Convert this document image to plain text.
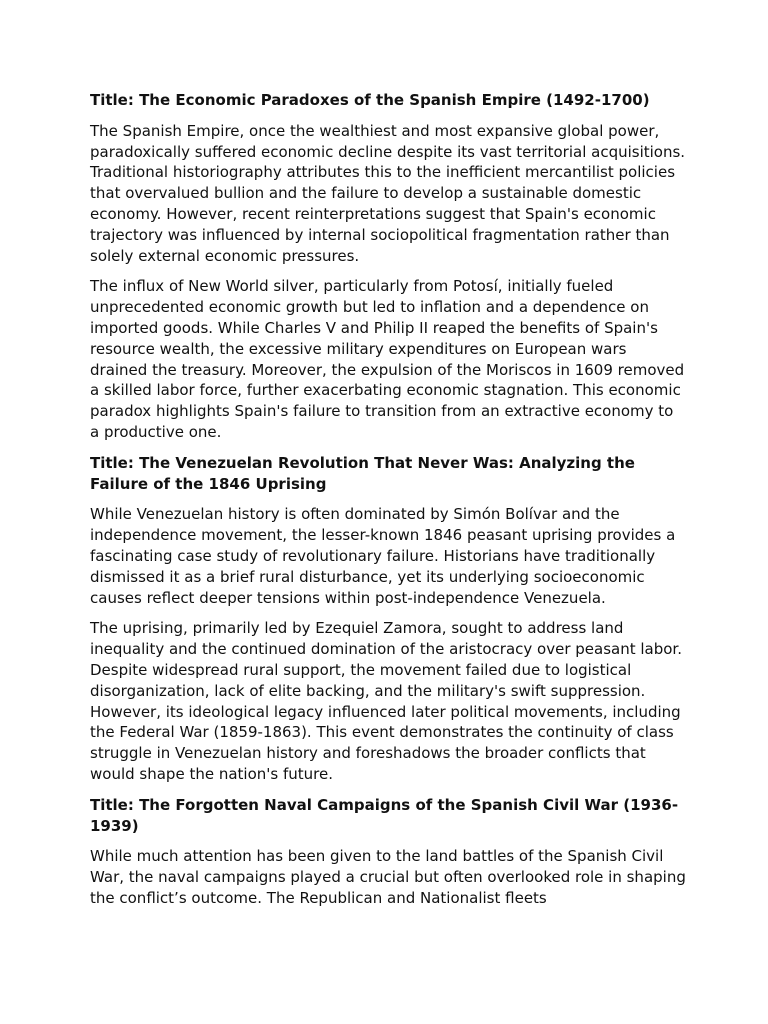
Title: The Economic Paradoxes of the Spanish Empire (1492-1700)

The Spanish Empire, once the wealthiest and most expansive global power, paradoxically suffered economic decline despite its vast territorial acquisitions. Traditional historiography attributes this to the inefficient mercantilist policies that overvalued bullion and the failure to develop a sustainable domestic economy. However, recent reinterpretations suggest that Spain's economic trajectory was influenced by internal sociopolitical fragmentation rather than solely external economic pressures.

The influx of New World silver, particularly from Potosí, initially fueled unprecedented economic growth but led to inflation and a dependence on imported goods. While Charles V and Philip II reaped the benefits of Spain's resource wealth, the excessive military expenditures on European wars drained the treasury. Moreover, the expulsion of the Moriscos in 1609 removed a skilled labor force, further exacerbating economic stagnation. This economic paradox highlights Spain's failure to transition from an extractive economy to a productive one.

Title: The Venezuelan Revolution That Never Was: Analyzing the Failure of the 1846 Uprising

While Venezuelan history is often dominated by Simón Bolívar and the independence movement, the lesser-known 1846 peasant uprising provides a fascinating case study of revolutionary failure. Historians have traditionally dismissed it as a brief rural disturbance, yet its underlying socioeconomic causes reflect deeper tensions within post-independence Venezuela.

The uprising, primarily led by Ezequiel Zamora, sought to address land inequality and the continued domination of the aristocracy over peasant labor. Despite widespread rural support, the movement failed due to logistical disorganization, lack of elite backing, and the military's swift suppression. However, its ideological legacy influenced later political movements, including the Federal War (1859-1863). This event demonstrates the continuity of class struggle in Venezuelan history and foreshadows the broader conflicts that would shape the nation's future.

Title: The Forgotten Naval Campaigns of the Spanish Civil War (1936-1939)

While much attention has been given to the land battles of the Spanish Civil War, the naval campaigns played a crucial but often overlooked role in shaping the conflict’s outcome. The Republican and Nationalist fleets
